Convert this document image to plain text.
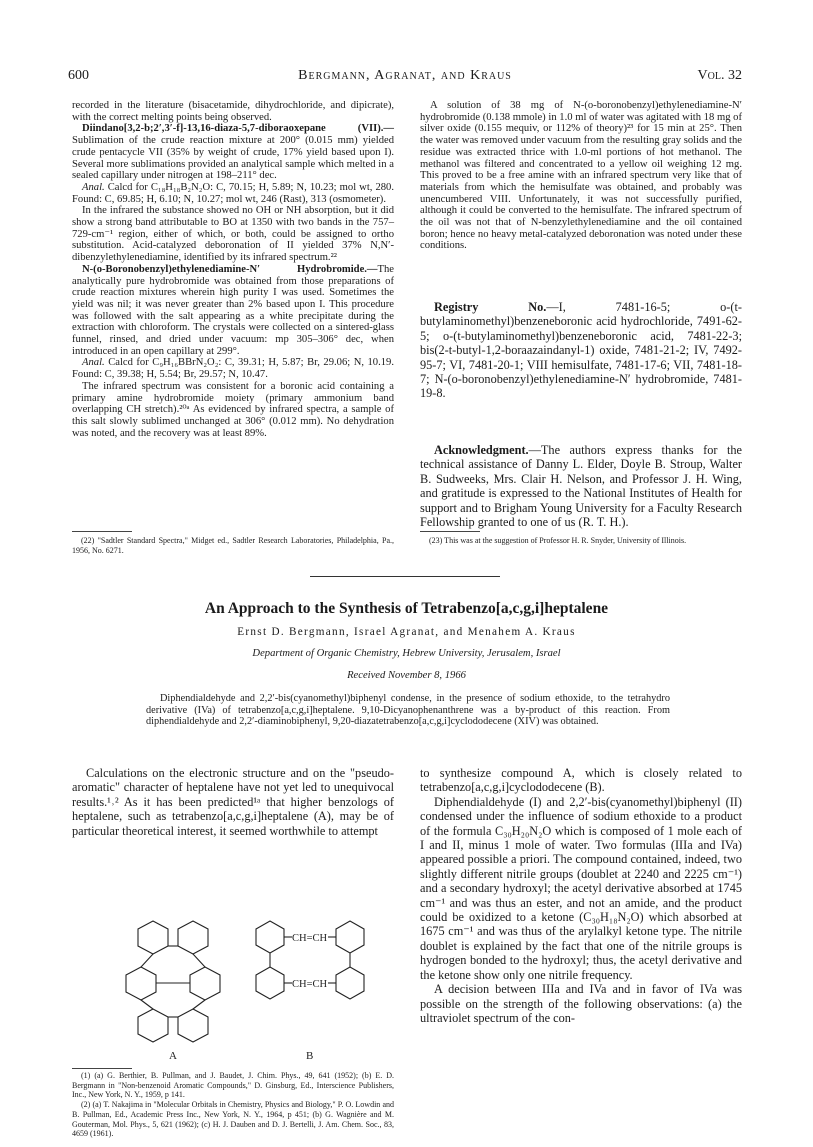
600	Bergmann, Agranat, and Kraus	Vol. 32

recorded in the literature (bisacetamide, dihydrochloride, and dipicrate), with the correct melting points being observed.

Diindano[3,2-b;2′,3′-f]-13,16-diaza-5,7-diboraoxepane (VII).—Sublimation of the crude reaction mixture at 200° (0.015 mm) yielded crude pentacycle VII (35% by weight of crude, 17% yield based upon I). Several more sublimations provided an analytical sample which melted in a sealed capillary under nitrogen at 198–211° dec.

Anal. Calcd for C₁₈H₁₈B₂N₂O: C, 70.15; H, 5.89; N, 10.23; mol wt, 280. Found: C, 69.85; H, 6.10; N, 10.27; mol wt, 246 (Rast), 313 (osmometer).

In the infrared the substance showed no OH or NH absorption, but it did show a strong band attributable to BO at 1350 with two bands in the 757–729-cm⁻¹ region, either of which, or both, could be assigned to ortho substitution. Acid-catalyzed deboronation of II yielded 37% N,N′-dibenzylethylenediamine, identified by its infrared spectrum.²²

N-(o-Boronobenzyl)ethylenediamine-N′ Hydrobromide.—The analytically pure hydrobromide was obtained from those preparations of crude reaction mixtures wherein high purity I was used. Sometimes the yield was nil; it was never greater than 2% based upon I. This procedure was followed with the salt appearing as a white precipitate during the extraction with chloroform. The crystals were collected on a sintered-glass funnel, rinsed, and dried under vacuum: mp 305–306° dec, when introduced in an open capillary at 299°.

Anal. Calcd for C₉H₁₆BBrN₂O₂: C, 39.31; H, 5.87; Br, 29.06; N, 10.19. Found: C, 39.38; H, 5.54; Br, 29.57; N, 10.47.

The infrared spectrum was consistent for a boronic acid containing a primary amine hydrobromide moiety (primary ammonium band overlapping CH stretch).²⁰ᵃ As evidenced by infrared spectra, a sample of this salt slowly sublimed unchanged at 306° (0.012 mm). No dehydration was noted, and the recovery was at least 89%.

A solution of 38 mg of N-(o-boronobenzyl)ethylenediamine-N′ hydrobromide (0.138 mmole) in 1.0 ml of water was agitated with 18 mg of silver oxide (0.155 mequiv, or 112% of theory)²³ for 15 min at 25°. Then the water was removed under vacuum from the resulting gray solids and the residue was extracted thrice with 1.0-ml portions of hot methanol. The methanol was filtered and concentrated to a yellow oil weighing 12 mg. This proved to be a free amine with an infrared spectrum very like that of materials from which the hemisulfate was obtained, and probably was unencumbered VIII. Unfortunately, it was not successfully purified, although it could be converted to the hemisulfate. The infrared spectrum of the oil was not that of N-benzylethylenediamine and the oil contained boron; hence no heavy metal-catalyzed deboronation was noted under these conditions.

Registry No.—I, 7481-16-5; o-(t-butylaminomethyl)benzeneboronic acid hydrochloride, 7491-62-5; o-(t-butylaminomethyl)benzeneboronic acid, 7481-22-3; bis(2-t-butyl-1,2-boraazaindanyl-1) oxide, 7481-21-2; IV, 7492-95-7; VI, 7481-20-1; VIII hemisulfate, 7481-17-6; VII, 7481-18-7; N-(o-boronobenzyl)ethylenediamine-N′ hydrobromide, 7481-19-8.

Acknowledgment.—The authors express thanks for the technical assistance of Danny L. Elder, Doyle B. Stroup, Walter B. Sudweeks, Mrs. Clair H. Nelson, and Professor J. H. Wing, and gratitude is expressed to the National Institutes of Health for support and to Brigham Young University for a Faculty Research Fellowship granted to one of us (R. T. H.).

(22) "Sadtler Standard Spectra," Midget ed., Sadtler Research Laboratories, Philadelphia, Pa., 1956, No. 6271.

(23) This was at the suggestion of Professor H. R. Snyder, University of Illinois.

An Approach to the Synthesis of Tetrabenzo[a,c,g,i]heptalene
Ernst D. Bergmann, Israel Agranat, and Menahem A. Kraus
Department of Organic Chemistry, Hebrew University, Jerusalem, Israel
Received November 8, 1966

Diphendialdehyde and 2,2′-bis(cyanomethyl)biphenyl condense, in the presence of sodium ethoxide, to the tetrahydro derivative (IVa) of tetrabenzo[a,c,g,i]heptalene. 9,10-Dicyanophenanthrene was a by-product of this reaction. From diphendialdehyde and 2,2′-diaminobiphenyl, 9,20-diazatetrabenzo[a,c,g,i]cyclododecene (XIV) was obtained.

Calculations on the electronic structure and on the "pseudo-aromatic" character of heptalene have not yet led to unequivocal results.¹˒² As it has been predicted¹ᵃ that higher benzologs of heptalene, such as tetrabenzo[a,c,g,i]heptalene (A), may be of particular theoretical interest, it seemed worthwhile to attempt

CH=CH
CH=CH
A	B

(1) (a) G. Berthier, B. Pullman, and J. Baudet, J. Chim. Phys., 49, 641 (1952); (b) E. D. Bergmann in "Non-benzenoid Aromatic Compounds," D. Ginsburg, Ed., Interscience Publishers, Inc., New York, N. Y., 1959, p 141.

(2) (a) T. Nakajima in "Molecular Orbitals in Chemistry, Physics and Biology," P. O. Lowdin and B. Pullman, Ed., Academic Press Inc., New York, N. Y., 1964, p 451; (b) G. Wagnière and M. Gouterman, Mol. Phys., 5, 621 (1962); (c) H. J. Dauben and D. J. Bertelli, J. Am. Chem. Soc., 83, 4659 (1961).

to synthesize compound A, which is closely related to tetrabenzo[a,c,g,i]cyclododecene (B).

Diphendialdehyde (I) and 2,2′-bis(cyanomethyl)biphenyl (II) condensed under the influence of sodium ethoxide to a product of the formula C₃₀H₂₀N₂O which is composed of 1 mole each of I and II, minus 1 mole of water. Two formulas (IIIa and IVa) appeared possible a priori. The compound contained, indeed, two slightly different nitrile groups (doublet at 2240 and 2225 cm⁻¹) and a secondary hydroxyl; the acetyl derivative absorbed at 1745 cm⁻¹ and was thus an ester, and not an amide, and the product could be oxidized to a ketone (C₃₀H₁₈N₂O) which absorbed at 1675 cm⁻¹ and was thus of the arylalkyl ketone type. The nitrile doublet is explained by the fact that one of the nitrile groups is hydrogen bonded to the hydroxyl; thus, the acetyl derivative and the ketone show only one nitrile frequency.

A decision between IIIa and IVa and in favor of IVa was possible on the strength of the following observations: (a) the ultraviolet spectrum of the con-
